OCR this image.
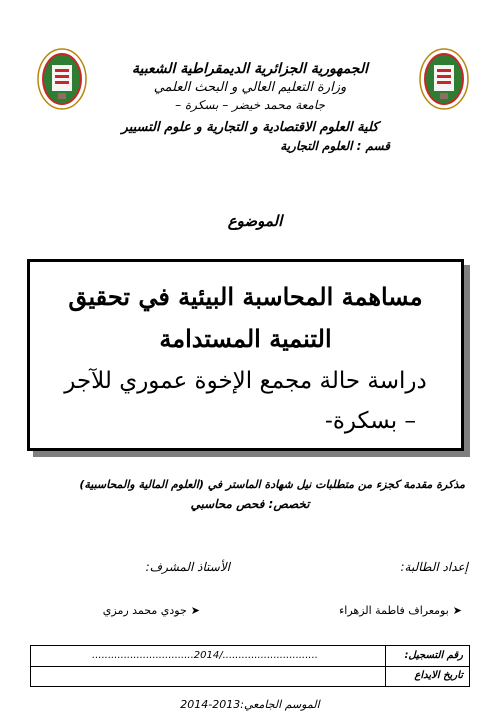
الجمهورية الجزائرية الديمقراطية الشعبية
وزارة التعليم العالي و البحث العلمي
جامعة محمد خيضر – بسكرة –
كلية العلوم الاقتصادية و التجارية و علوم التسيير
قسم : العلوم التجارية
الموضوع
مساهمة المحاسبة البيئية في تحقيق
التنمية المستدامة
دراسة حالة مجمع الإخوة عموري للآجر
– بسكرة-
مذكرة مقدمة كجزء من متطلبات نيل شهادة الماستر في (العلوم المالية والمحاسبية)
تخصص: فحص محاسبي
إعداد الطالبة:
➤بومعراف فاطمة الزهراء
الأستاذ المشرف:
➤جودي محمد رمزي
رقم التسجيل:
................................2014/..............................
تاريخ الايداع
الموسم الجامعي:2013-2014
